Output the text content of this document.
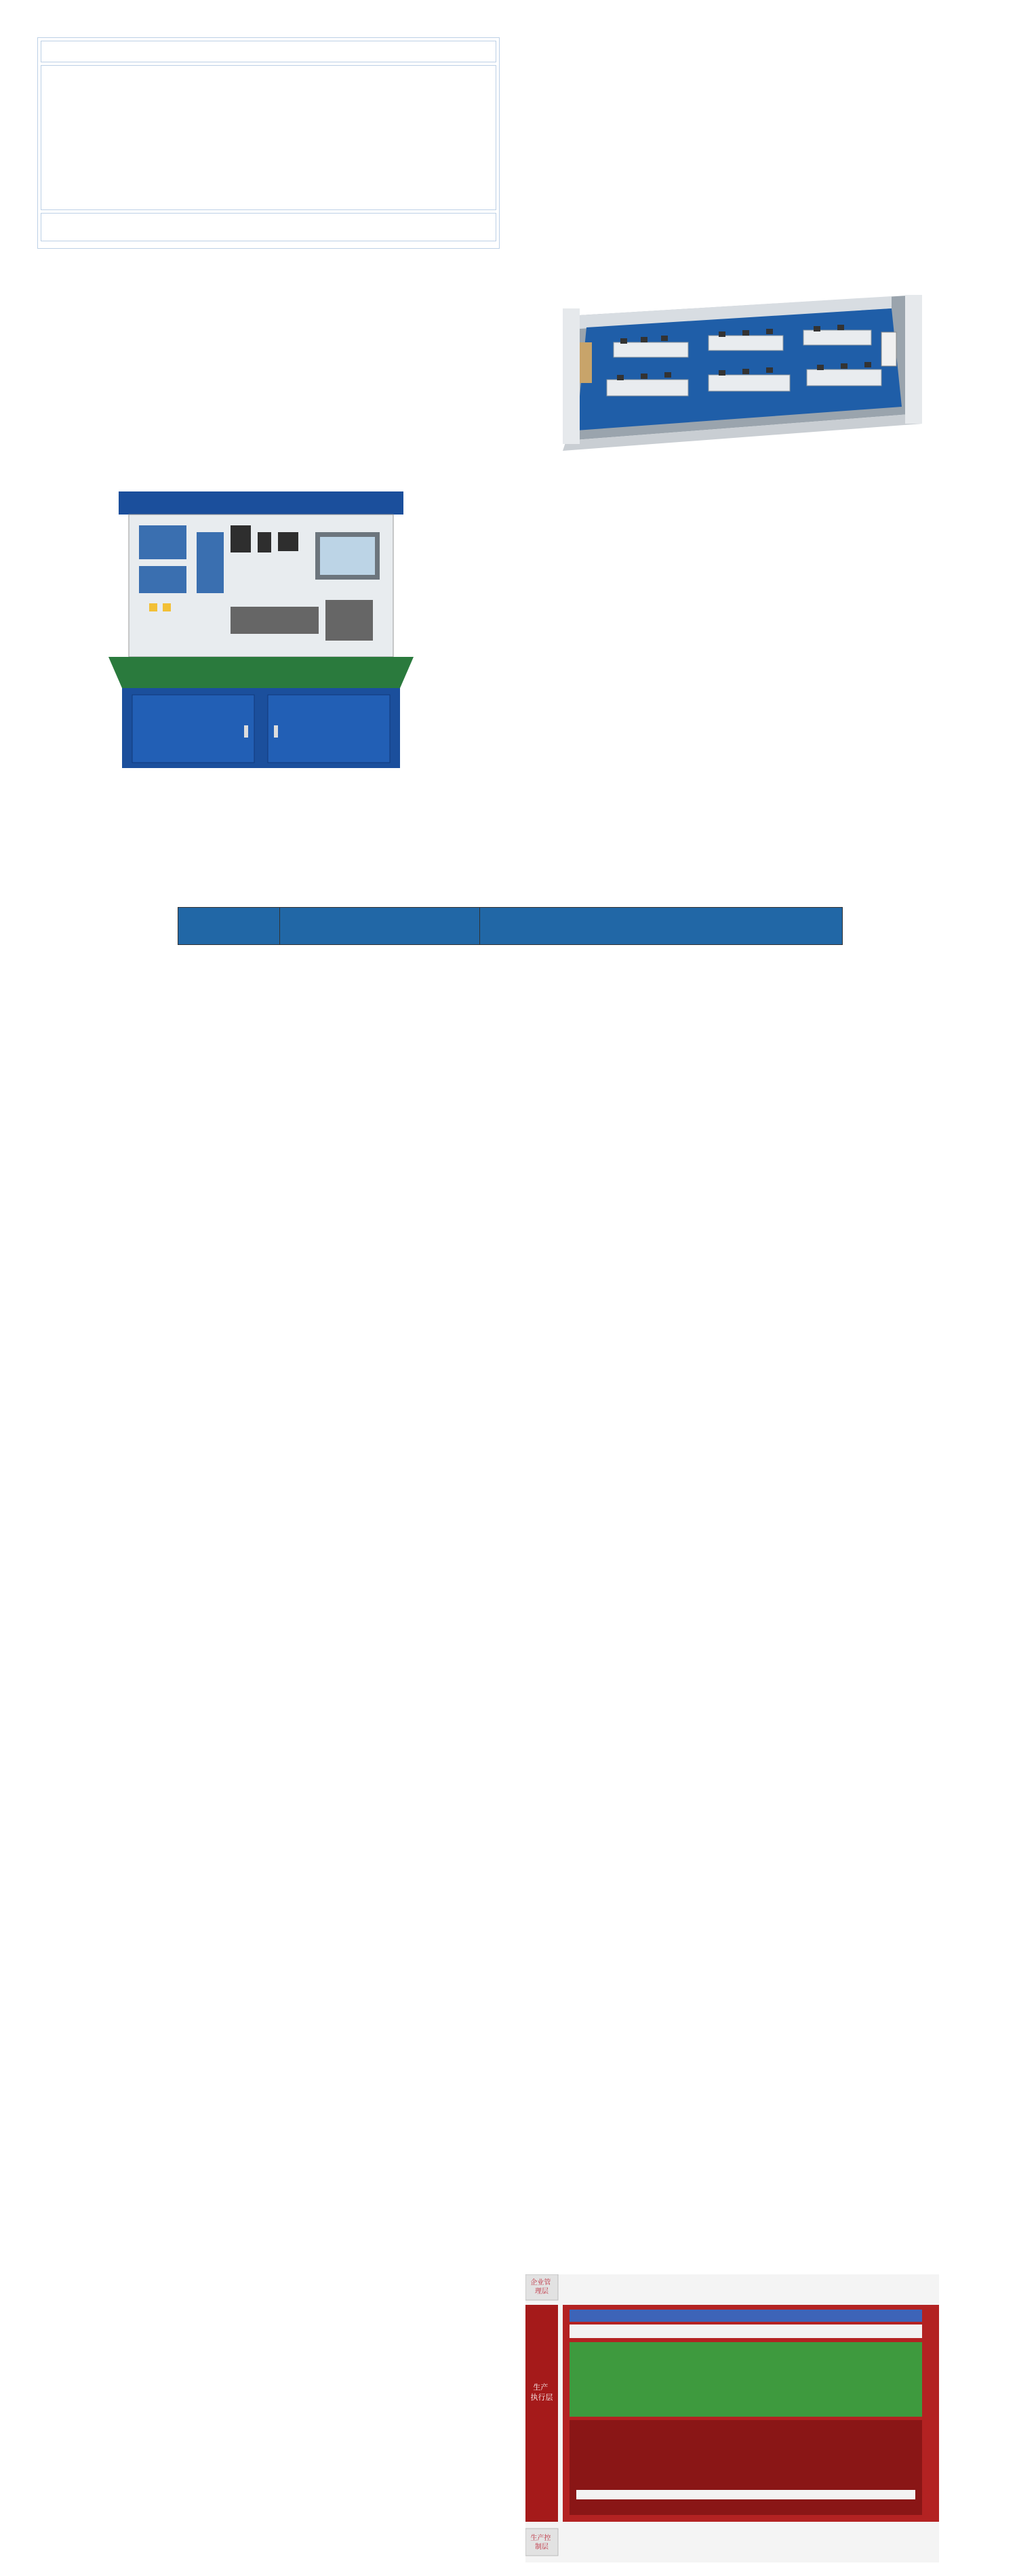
企业管 理层
生产 执行层
生产控 制层
